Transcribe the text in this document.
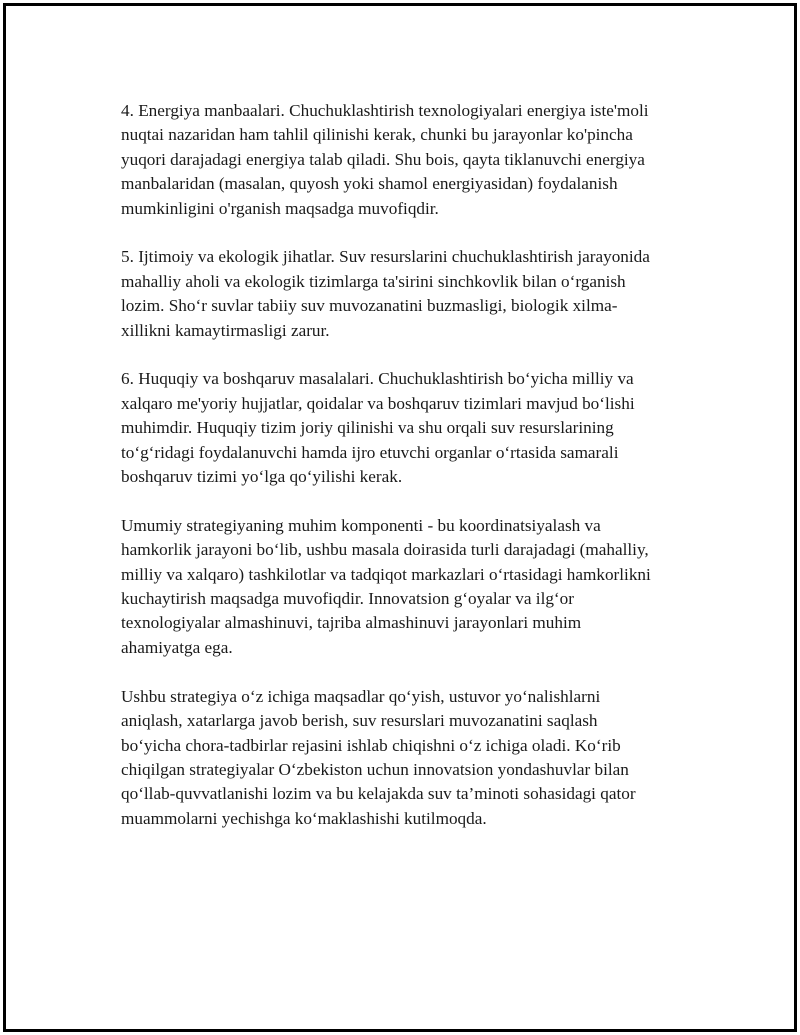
4. Energiya manbaalari. Chuchuklashtirish texnologiyalari energiya iste'moli
nuqtai nazaridan ham tahlil qilinishi kerak, chunki bu jarayonlar ko'pincha
yuqori darajadagi energiya talab qiladi. Shu bois, qayta tiklanuvchi energiya
manbalaridan (masalan, quyosh yoki shamol energiyasidan) foydalanish
mumkinligini o'rganish maqsadga muvofiqdir.

5. Ijtimoiy va ekologik jihatlar. Suv resurslarini chuchuklashtirish jarayonida
mahalliy aholi va ekologik tizimlarga ta'sirini sinchkovlik bilan o‘rganish
lozim. Sho‘r suvlar tabiiy suv muvozanatini buzmasligi, biologik xilma-
xillikni kamaytirmasligi zarur.

6. Huquqiy va boshqaruv masalalari. Chuchuklashtirish bo‘yicha milliy va
xalqaro me'yoriy hujjatlar, qoidalar va boshqaruv tizimlari mavjud bo‘lishi
muhimdir. Huquqiy tizim joriy qilinishi va shu orqali suv resurslarining
to‘g‘ridagi foydalanuvchi hamda ijro etuvchi organlar o‘rtasida samarali
boshqaruv tizimi yo‘lga qo‘yilishi kerak.

Umumiy strategiyaning muhim komponenti - bu koordinatsiyalash va
hamkorlik jarayoni bo‘lib, ushbu masala doirasida turli darajadagi (mahalliy,
milliy va xalqaro) tashkilotlar va tadqiqot markazlari o‘rtasidagi hamkorlikni
kuchaytirish maqsadga muvofiqdir. Innovatsion g‘oyalar va ilg‘or
texnologiyalar almashinuvi, tajriba almashinuvi jarayonlari muhim
ahamiyatga ega.

Ushbu strategiya o‘z ichiga maqsadlar qo‘yish, ustuvor yo‘nalishlarni
aniqlash, xatarlarga javob berish, suv resurslari muvozanatini saqlash
bo‘yicha chora-tadbirlar rejasini ishlab chiqishni o‘z ichiga oladi. Ko‘rib
chiqilgan strategiyalar O‘zbekiston uchun innovatsion yondashuvlar bilan
qo‘llab-quvvatlanishi lozim va bu kelajakda suv ta’minoti sohasidagi qator
muammolarni yechishga ko‘maklashishi kutilmoqda.
